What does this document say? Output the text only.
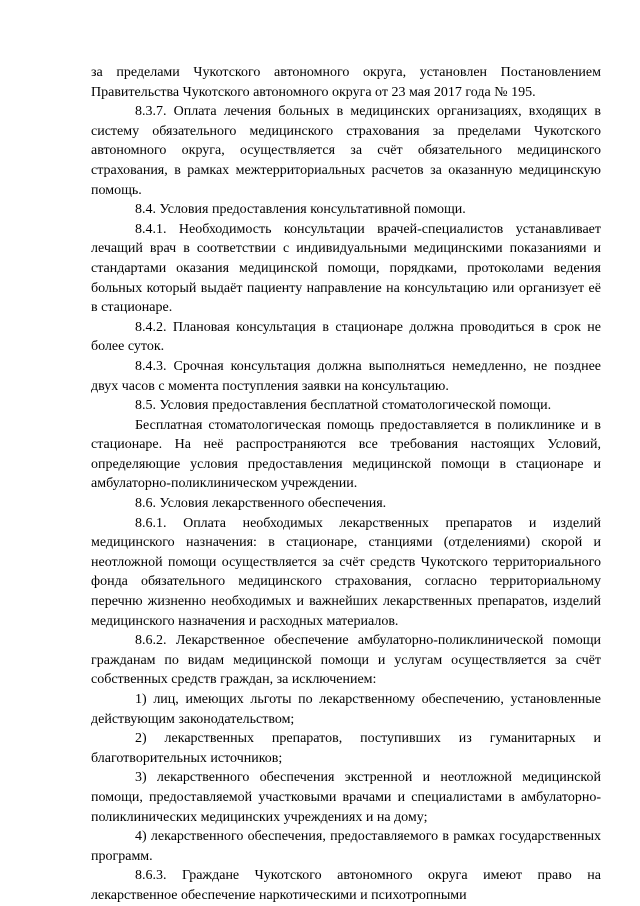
за пределами Чукотского автономного округа, установлен Постановлением Правительства Чукотского автономного округа от 23 мая 2017 года № 195.

8.3.7. Оплата лечения больных в медицинских организациях, входящих в систему обязательного медицинского страхования за пределами Чукотского автономного округа, осуществляется за счёт обязательного медицинского страхования, в рамках межтерриториальных расчетов за оказанную медицинскую помощь.

8.4. Условия предоставления консультативной помощи.

8.4.1. Необходимость консультации врачей-специалистов устанавливает лечащий врач в соответствии с индивидуальными медицинскими показаниями и стандартами оказания медицинской помощи, порядками, протоколами ведения больных который выдаёт пациенту направление на консультацию или организует её в стационаре.

8.4.2. Плановая консультация в стационаре должна проводиться в срок не более суток.

8.4.3. Срочная консультация должна выполняться немедленно, не позднее двух часов с момента поступления заявки на консультацию.

8.5. Условия предоставления бесплатной стоматологической помощи.

Бесплатная стоматологическая помощь предоставляется в поликлинике и в стационаре. На неё распространяются все требования настоящих Условий, определяющие условия предоставления медицинской помощи в стационаре и амбулаторно-поликлиническом учреждении.

8.6. Условия лекарственного обеспечения.

8.6.1. Оплата необходимых лекарственных препаратов и изделий медицинского назначения: в стационаре, станциями (отделениями) скорой и неотложной помощи осуществляется за счёт средств Чукотского территориального фонда обязательного медицинского страхования, согласно территориальному перечню жизненно необходимых и важнейших лекарственных препаратов, изделий медицинского назначения и расходных материалов.

8.6.2. Лекарственное обеспечение амбулаторно-поликлинической помощи гражданам по видам медицинской помощи и услугам осуществляется за счёт собственных средств граждан, за исключением:

1) лиц, имеющих льготы по лекарственному обеспечению, установленные действующим законодательством;

2) лекарственных препаратов, поступивших из гуманитарных и благотворительных источников;

3) лекарственного обеспечения экстренной и неотложной медицинской помощи, предоставляемой участковыми врачами и специалистами в амбулаторно-поликлинических медицинских учреждениях и на дому;

4) лекарственного обеспечения, предоставляемого в рамках государственных программ.

8.6.3. Граждане Чукотского автономного округа имеют право на лекарственное обеспечение наркотическими и психотропными
